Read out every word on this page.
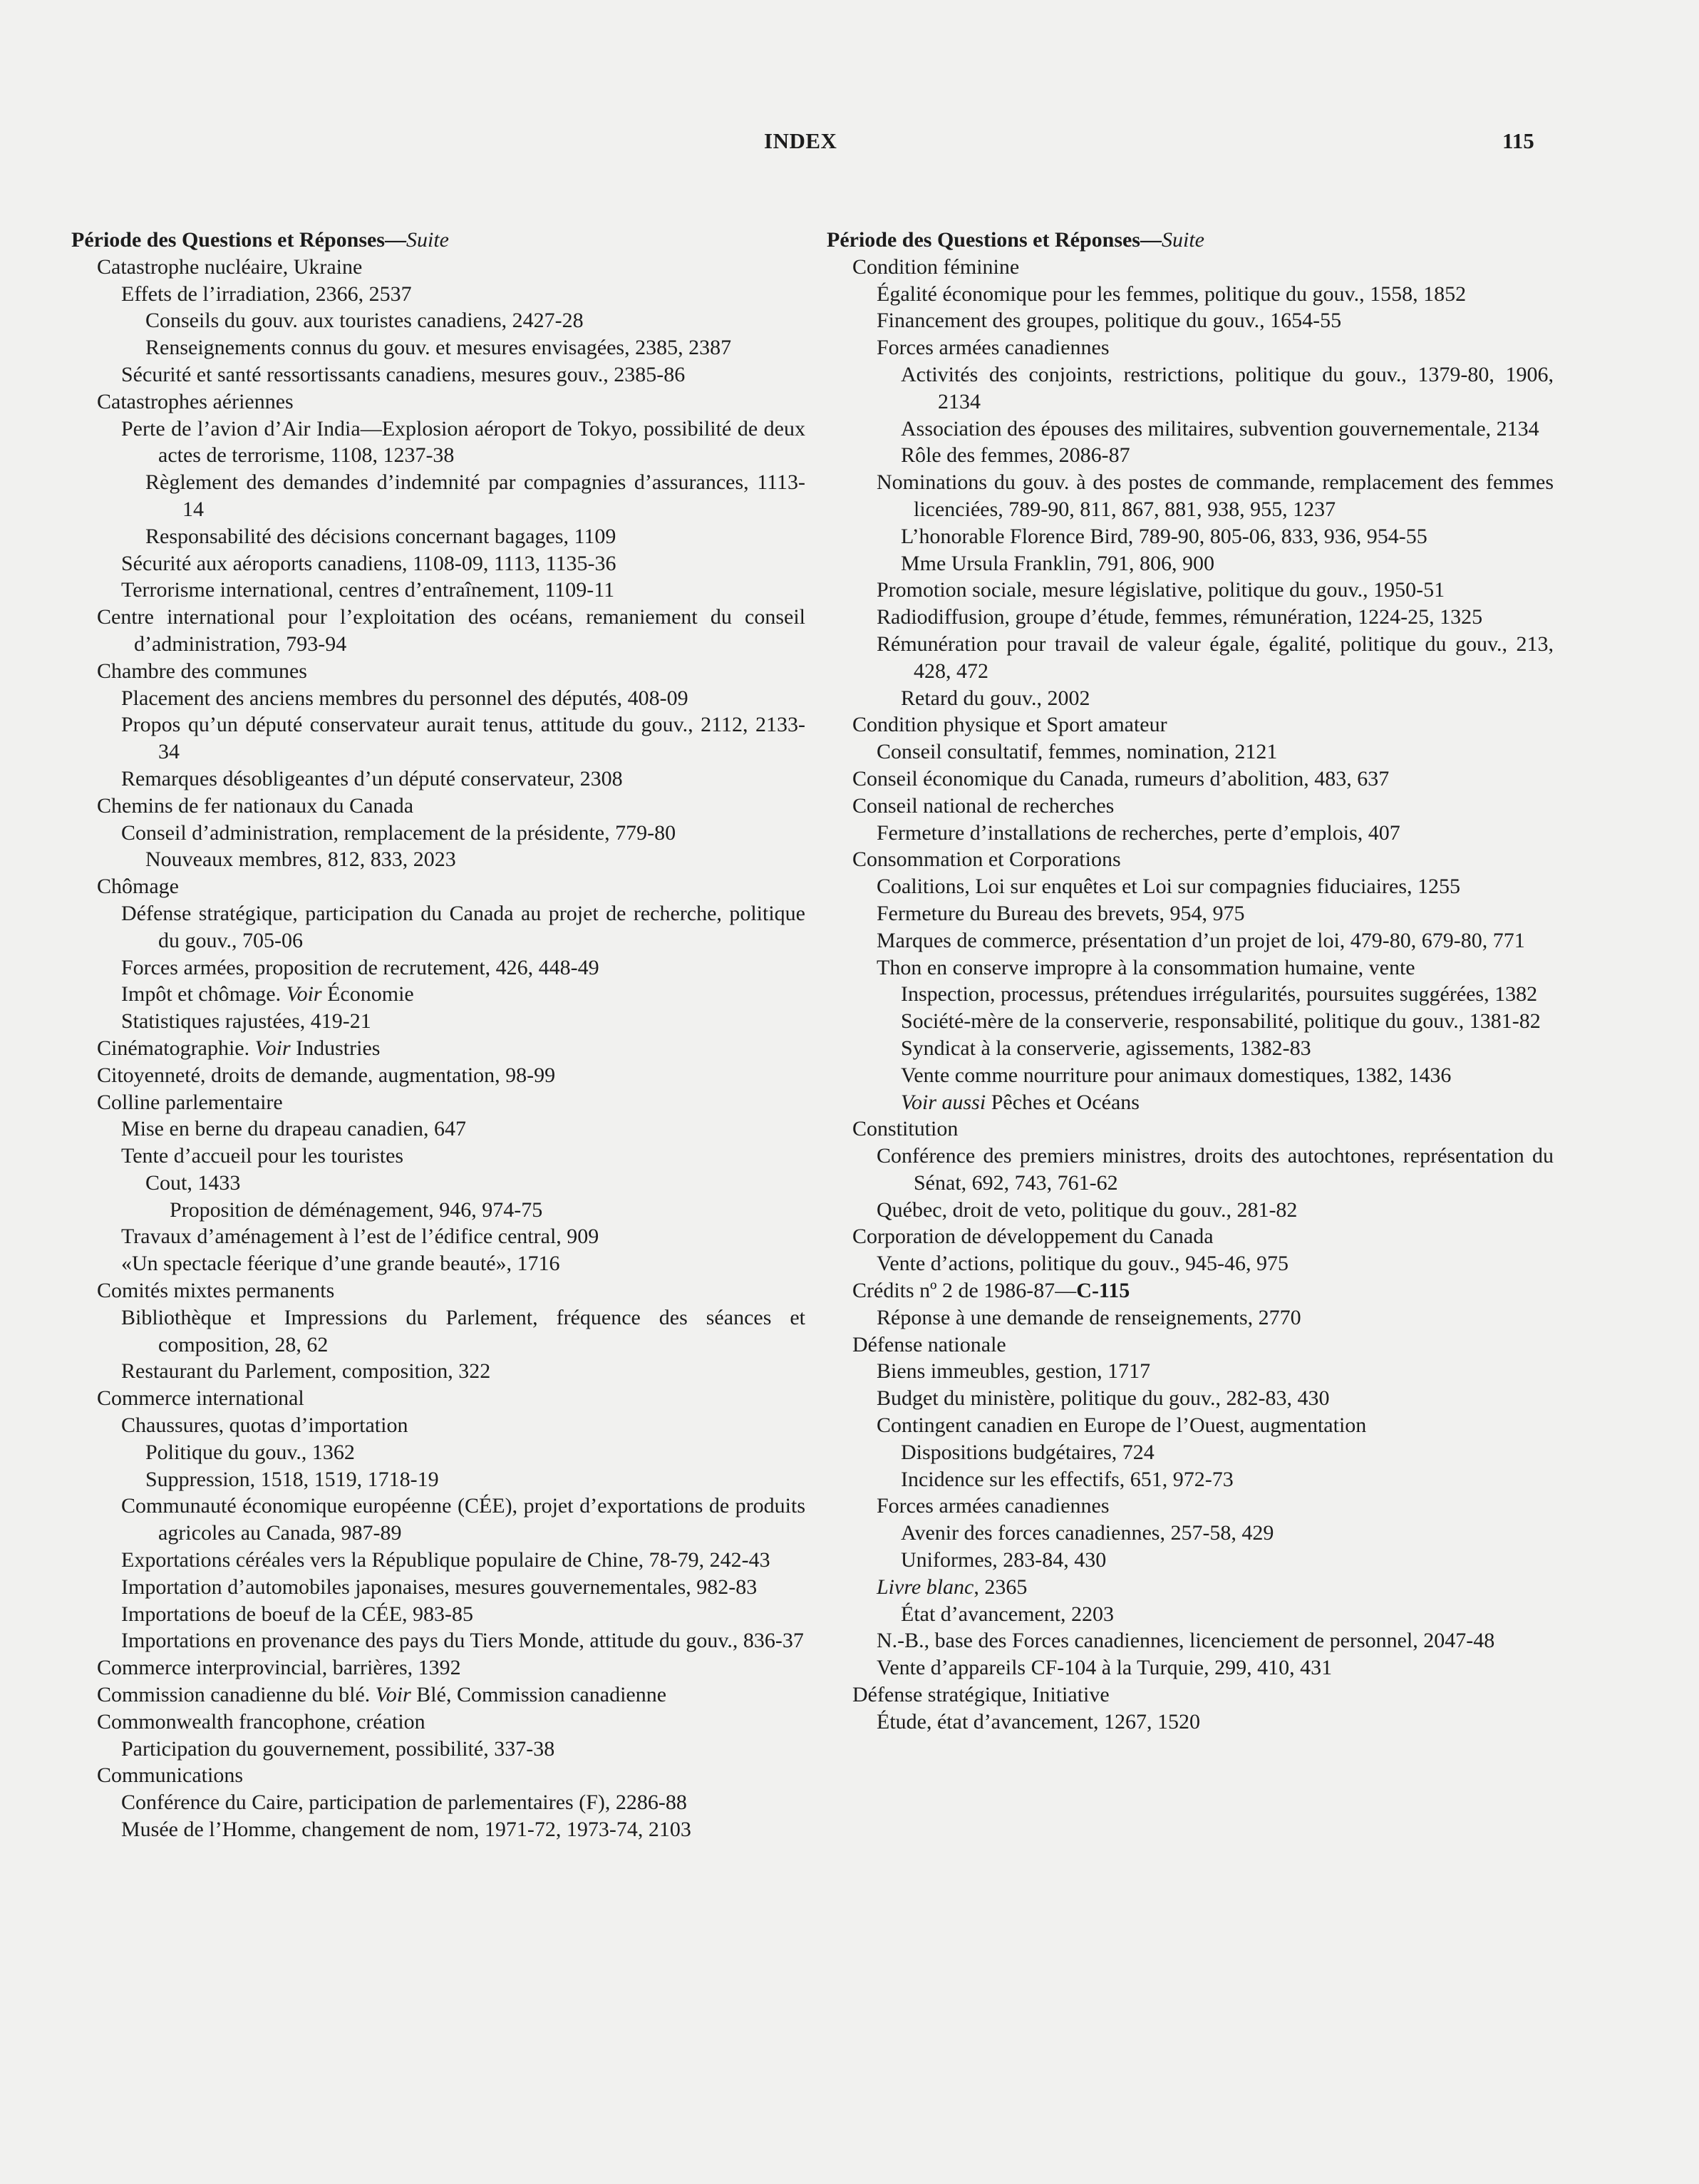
INDEX	115
Période des Questions et Réponses—Suite
Catastrophe nucléaire, Ukraine
Effets de l’irradiation, 2366, 2537
Conseils du gouv. aux touristes canadiens, 2427-28
Renseignements connus du gouv. et mesures envisagées, 2385, 2387
Sécurité et santé ressortissants canadiens, mesures gouv., 2385-86
Catastrophes aériennes
Perte de l’avion d’Air India—Explosion aéroport de Tokyo, possibilité de deux actes de terrorisme, 1108, 1237-38
Règlement des demandes d’indemnité par compagnies d’assurances, 1113-14
Responsabilité des décisions concernant bagages, 1109
Sécurité aux aéroports canadiens, 1108-09, 1113, 1135-36
Terrorisme international, centres d’entraînement, 1109-11
Centre international pour l’exploitation des océans, remaniement du conseil d’administration, 793-94
Chambre des communes
Placement des anciens membres du personnel des députés, 408-09
Propos qu’un député conservateur aurait tenus, attitude du gouv., 2112, 2133-34
Remarques désobligeantes d’un député conservateur, 2308
Chemins de fer nationaux du Canada
Conseil d’administration, remplacement de la présidente, 779-80
Nouveaux membres, 812, 833, 2023
Chômage
Défense stratégique, participation du Canada au projet de recherche, politique du gouv., 705-06
Forces armées, proposition de recrutement, 426, 448-49
Impôt et chômage. Voir Économie
Statistiques rajustées, 419-21
Cinématographie. Voir Industries
Citoyenneté, droits de demande, augmentation, 98-99
Colline parlementaire
Mise en berne du drapeau canadien, 647
Tente d’accueil pour les touristes
Cout, 1433
Proposition de déménagement, 946, 974-75
Travaux d’aménagement à l’est de l’édifice central, 909
«Un spectacle féerique d’une grande beauté», 1716
Comités mixtes permanents
Bibliothèque et Impressions du Parlement, fréquence des séances et composition, 28, 62
Restaurant du Parlement, composition, 322
Commerce international
Chaussures, quotas d’importation
Politique du gouv., 1362
Suppression, 1518, 1519, 1718-19
Communauté économique européenne (CÉE), projet d’exportations de produits agricoles au Canada, 987-89
Exportations céréales vers la République populaire de Chine, 78-79, 242-43
Importation d’automobiles japonaises, mesures gouvernementales, 982-83
Importations de boeuf de la CÉE, 983-85
Importations en provenance des pays du Tiers Monde, attitude du gouv., 836-37
Commerce interprovincial, barrières, 1392
Commission canadienne du blé. Voir Blé, Commission canadienne
Commonwealth francophone, création
Participation du gouvernement, possibilité, 337-38
Communications
Conférence du Caire, participation de parlementaires (F), 2286-88
Musée de l’Homme, changement de nom, 1971-72, 1973-74, 2103
Période des Questions et Réponses—Suite
Condition féminine
Égalité économique pour les femmes, politique du gouv., 1558, 1852
Financement des groupes, politique du gouv., 1654-55
Forces armées canadiennes
Activités des conjoints, restrictions, politique du gouv., 1379-80, 1906, 2134
Association des épouses des militaires, subvention gouvernementale, 2134
Rôle des femmes, 2086-87
Nominations du gouv. à des postes de commande, remplacement des femmes licenciées, 789-90, 811, 867, 881, 938, 955, 1237
L’honorable Florence Bird, 789-90, 805-06, 833, 936, 954-55
Mme Ursula Franklin, 791, 806, 900
Promotion sociale, mesure législative, politique du gouv., 1950-51
Radiodiffusion, groupe d’étude, femmes, rémunération, 1224-25, 1325
Rémunération pour travail de valeur égale, égalité, politique du gouv., 213, 428, 472
Retard du gouv., 2002
Condition physique et Sport amateur
Conseil consultatif, femmes, nomination, 2121
Conseil économique du Canada, rumeurs d’abolition, 483, 637
Conseil national de recherches
Fermeture d’installations de recherches, perte d’emplois, 407
Consommation et Corporations
Coalitions, Loi sur enquêtes et Loi sur compagnies fiduciaires, 1255
Fermeture du Bureau des brevets, 954, 975
Marques de commerce, présentation d’un projet de loi, 479-80, 679-80, 771
Thon en conserve impropre à la consommation humaine, vente
Inspection, processus, prétendues irrégularités, poursuites suggérées, 1382
Société-mère de la conserverie, responsabilité, politique du gouv., 1381-82
Syndicat à la conserverie, agissements, 1382-83
Vente comme nourriture pour animaux domestiques, 1382, 1436
Voir aussi Pêches et Océans
Constitution
Conférence des premiers ministres, droits des autochtones, représentation du Sénat, 692, 743, 761-62
Québec, droit de veto, politique du gouv., 281-82
Corporation de développement du Canada
Vente d’actions, politique du gouv., 945-46, 975
Crédits nº 2 de 1986-87—C-115
Réponse à une demande de renseignements, 2770
Défense nationale
Biens immeubles, gestion, 1717
Budget du ministère, politique du gouv., 282-83, 430
Contingent canadien en Europe de l’Ouest, augmentation
Dispositions budgétaires, 724
Incidence sur les effectifs, 651, 972-73
Forces armées canadiennes
Avenir des forces canadiennes, 257-58, 429
Uniformes, 283-84, 430
Livre blanc, 2365
État d’avancement, 2203
N.-B., base des Forces canadiennes, licenciement de personnel, 2047-48
Vente d’appareils CF-104 à la Turquie, 299, 410, 431
Défense stratégique, Initiative
Étude, état d’avancement, 1267, 1520
